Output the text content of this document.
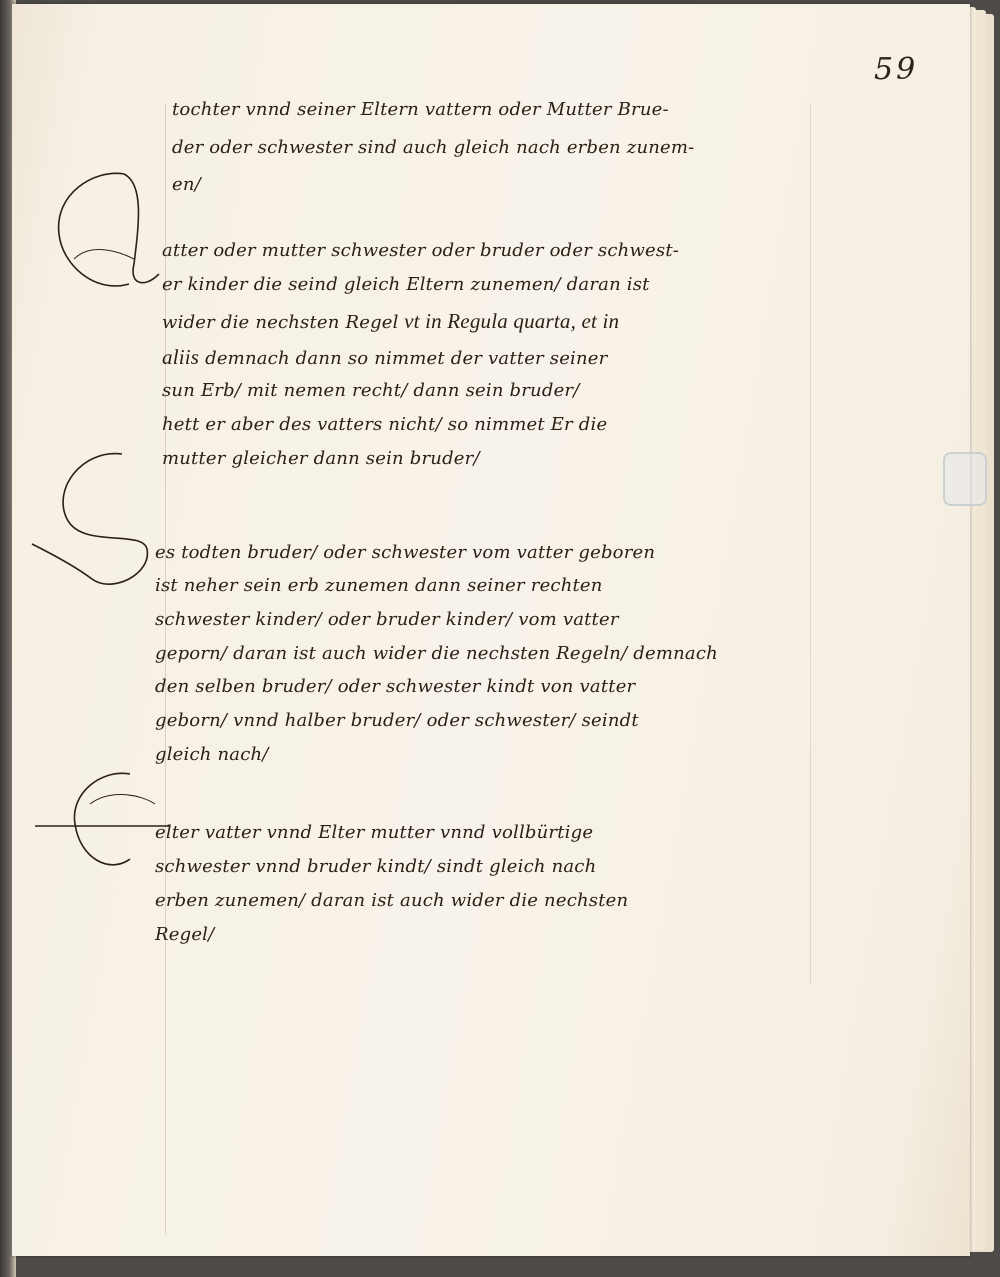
59
tochter vnnd seiner Eltern vattern oder Mutter Brue-
der oder schwester sind auch gleich nach erben zunem-
en/
atter oder mutter schwester oder bruder oder schwest-
er kinder die seind gleich Eltern zunemen/ daran ist
wider die nechsten Regel vt in Regula quarta, et in
aliis demnach dann so nimmet der vatter seiner
sun Erb/ mit nemen recht/ dann sein bruder/
hett er aber des vatters nicht/ so nimmet Er die
mutter gleicher dann sein bruder/
es todten bruder/ oder schwester vom vatter geboren
ist neher sein erb zunemen dann seiner rechten
schwester kinder/ oder bruder kinder/ vom vatter
geporn/ daran ist auch wider die nechsten Regeln/ demnach
den selben bruder/ oder schwester kindt von vatter
geborn/ vnnd halber bruder/ oder schwester/ seindt
gleich nach/
elter vatter vnnd Elter mutter vnnd vollbürtige
schwester vnnd bruder kindt/ sindt gleich nach
erben zunemen/ daran ist auch wider die nechsten
Regel/
